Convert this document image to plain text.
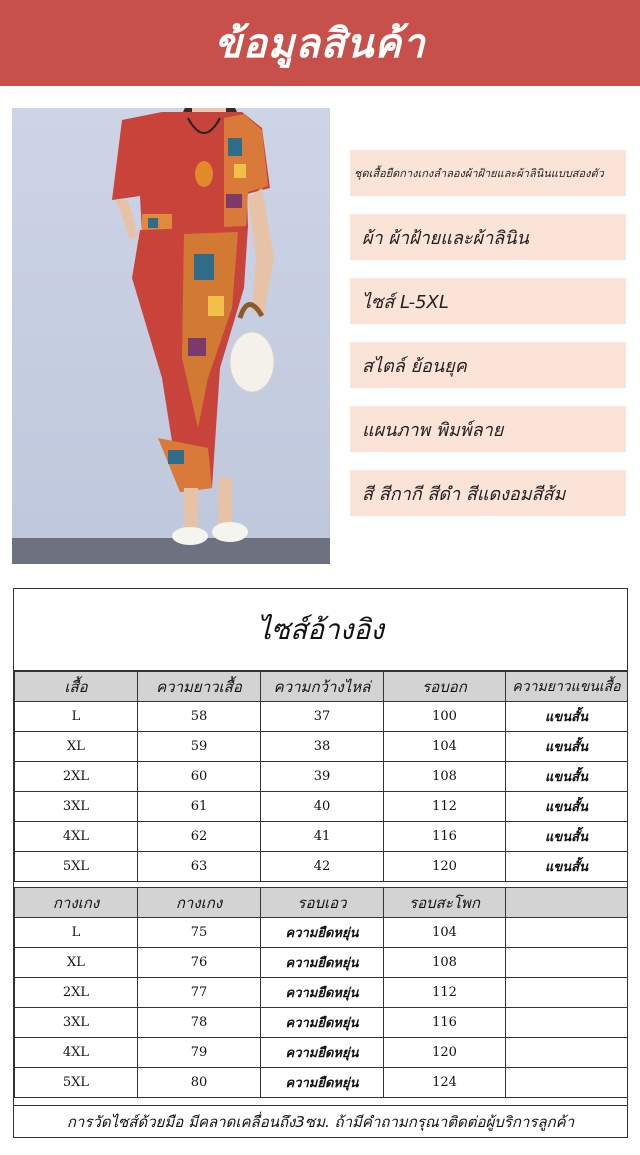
ข้อมูลสินค้า
ชุดเสื้อยืดกางเกงลำลองผ้าฝ้ายและผ้าลินินแบบสองตัว
ผ้า ผ้าฝ้ายและผ้าลินิน
ไซส์ L-5XL
สไตล์ ย้อนยุค
แผนภาพ พิมพ์ลาย
สี สีกากี สีดำ สีแดงอมสีส้ม
ไซส์อ้างอิง
เสื้อ	ความยาวเสื้อ	ความกว้างไหล่	รอบอก	ความยาวแขนเสื้อ
L	58	37	100	แขนสั้น
XL	59	38	104	แขนสั้น
2XL	60	39	108	แขนสั้น
3XL	61	40	112	แขนสั้น
4XL	62	41	116	แขนสั้น
5XL	63	42	120	แขนสั้น
กางเกง	กางเกง	รอบเอว	รอบสะโพก	
L	75	ความยืดหยุ่น	104	
XL	76	ความยืดหยุ่น	108	
2XL	77	ความยืดหยุ่น	112	
3XL	78	ความยืดหยุ่น	116	
4XL	79	ความยืดหยุ่น	120	
5XL	80	ความยืดหยุ่น	124	
การวัดไซส์ด้วยมือ มีคลาดเคลื่อนถึง3ซม. ถ้ามีคำถามกรุณาติดต่อผู้บริการลูกค้า
